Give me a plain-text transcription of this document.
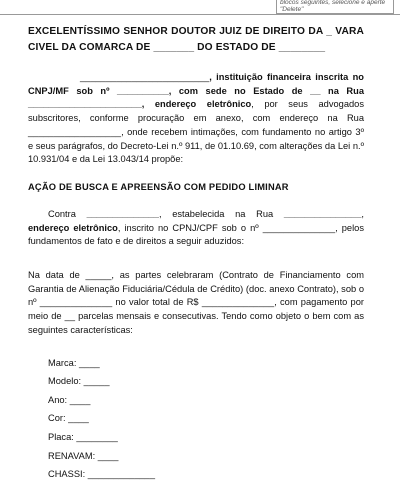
blocos seguintes, selecione e aperte "Delete"
EXCELENTÍSSIMO SENHOR DOUTOR JUIZ DE DIREITO DA _ VARA CIVEL DA COMARCA DE _______ DO ESTADO DE ________
_________________________, instituição financeira inscrita no CNPJ/MF sob nº __________, com sede no Estado de __ na Rua ______________________, endereço eletrônico, por seus advogados subscritores, conforme procuração em anexo, com endereço na Rua __________________, onde recebem intimações, com fundamento no artigo 3º e seus parágrafos, do Decreto-Lei n.º 911, de 01.10.69, com alterações da Lei n.º 10.931/04 e da Lei 13.043/14 propõe:
AÇÃO DE BUSCA E APREENSÃO COM PEDIDO LIMINAR
Contra ______________, estabelecida na Rua _______________, endereço eletrônico, inscrito no CPNJ/CPF sob o nº ______________, pelos fundamentos de fato e de direitos a seguir aduzidos:
Na data de _____, as partes celebraram (Contrato de Financiamento com Garantia de Alienação Fiduciária/Cédula de Crédito) (doc. anexo Contrato), sob o nº ______________ no valor total de R$ ______________, com pagamento por meio de __ parcelas mensais e consecutivas. Tendo como objeto o bem com as seguintes características:
Marca: ____
Modelo: _____
Ano: ____
Cor: ____
Placa: ________
RENAVAM: ____
CHASSI: _____________
